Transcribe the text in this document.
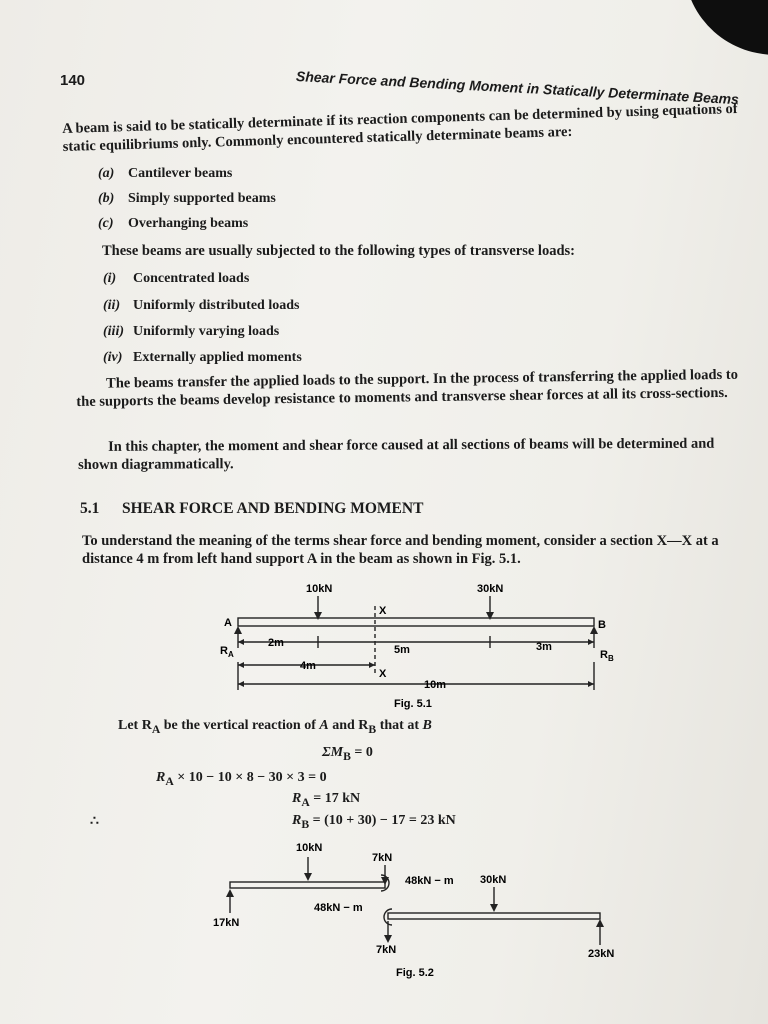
140	Shear Force and Bending Moment in Statically Determinate Beams
A beam is said to be statically determinate if its reaction components can be determined by using equations of static equilibriums only. Commonly encountered statically determinate beams are:
(a) Cantilever beams
(b) Simply supported beams
(c) Overhanging beams
These beams are usually subjected to the following types of transverse loads:
(i) Concentrated loads
(ii) Uniformly distributed loads
(iii) Uniformly varying loads
(iv) Externally applied moments
The beams transfer the applied loads to the support. In the process of transferring the applied loads to the supports the beams develop resistance to moments and transverse shear forces at all its cross-sections.
In this chapter, the moment and shear force caused at all sections of beams will be determined and shown diagrammatically.
5.1 SHEAR FORCE AND BENDING MOMENT
To understand the meaning of the terms shear force and bending moment, consider a section X—X at a distance 4 m from left hand support A in the beam as shown in Fig. 5.1.
10kN	30kN
A	B
X
X
$R_A$	$R_B$
2m
5m	3m
4m
10m
Fig. 5.1
Let $R_A$ be the vertical reaction of A and $R_B$ that at B
$\Sigma M_B = 0$
$R_A \times 10 - 10 \times 8 - 30 \times 3 = 0$
$R_A = 17$ kN
∴	$R_B = (10 + 30) - 17 = 23$ kN
10kN
7kN
48kN − m 30kN
48kN − m
17kN
7kN	23kN
Fig. 5.2
